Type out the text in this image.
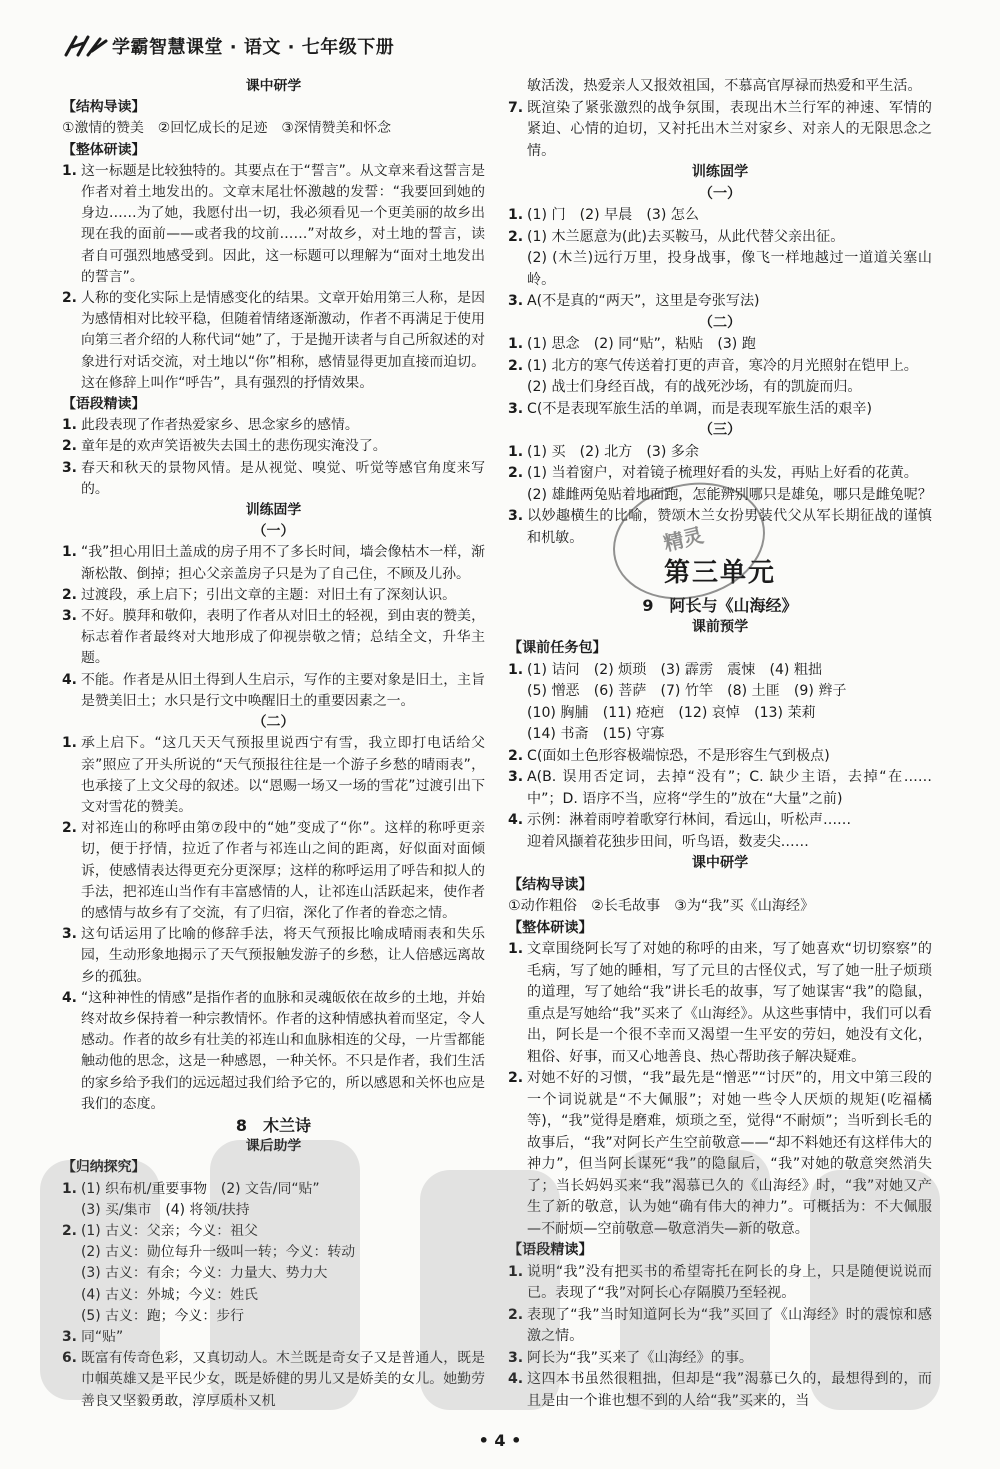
学霸智慧课堂 · 语文 · 七年级下册
课中研学
【结构导读】
①激情的赞美　②回忆成长的足迹　③深情赞美和怀念
【整体研读】
1. 这一标题是比较独特的。其要点在于“誓言”。从文章来看这誓言是作者对着土地发出的。文章末尾壮怀激越的发誓：“我要回到她的身边……为了她，我愿付出一切，我必须看见一个更美丽的故乡出现在我的面前——或者我的坟前……”对故乡，对土地的誓言，读者自可强烈地感受到。因此，这一标题可以理解为“面对土地发出的誓言”。
2. 人称的变化实际上是情感变化的结果。文章开始用第三人称，是因为感情相对比较平稳，但随着情绪逐渐激动，作者不再满足于使用向第三者介绍的人称代词“她”了，于是抛开读者与自己所叙述的对象进行对话交流，对土地以“你”相称，感情显得更加直接而迫切。这在修辞上叫作“呼告”，具有强烈的抒情效果。
【语段精读】
1. 此段表现了作者热爱家乡、思念家乡的感情。
2. 童年是的欢声笑语被失去国土的悲伤现实淹没了。
3. 春天和秋天的景物风情。是从视觉、嗅觉、听觉等感官角度来写的。
训练固学
（一）
1. “我”担心用旧土盖成的房子用不了多长时间，墙会像枯木一样，渐渐松散、倒掉；担心父亲盖房子只是为了自己住，不顾及儿孙。
2. 过渡段，承上启下；引出文章的主题：对旧土有了深刻认识。
3. 不好。膜拜和敬仰，表明了作者从对旧土的轻视，到由衷的赞美，标志着作者最终对大地形成了仰视崇敬之情；总结全文，升华主题。
4. 不能。作者是从旧土得到人生启示，写作的主要对象是旧土，主旨是赞美旧土；水只是行文中唤醒旧土的重要因素之一。
（二）
1. 承上启下。“这几天天气预报里说西宁有雪，我立即打电话给父亲”照应了开头所说的“天气预报往往是一个游子乡愁的晴雨表”，也承接了上文父母的叙述。以“恩赐一场又一场的雪花”过渡引出下文对雪花的赞美。
2. 对祁连山的称呼由第⑦段中的“她”变成了“你”。这样的称呼更亲切，便于抒情，拉近了作者与祁连山之间的距离，好似面对面倾诉，使感情表达得更充分更深厚；这样的称呼运用了呼告和拟人的手法，把祁连山当作有丰富感情的人，让祁连山活跃起来，使作者的感情与故乡有了交流，有了归宿，深化了作者的眷恋之情。
3. 这句话运用了比喻的修辞手法，将天气预报比喻成晴雨表和失乐园，生动形象地揭示了天气预报触发游子的乡愁，让人倍感远离故乡的孤独。
4. “这种神性的情感”是指作者的血脉和灵魂皈依在故乡的土地，并始终对故乡保持着一种宗教情怀。作者的这种情感执着而坚定，令人感动。作者的故乡有壮美的祁连山和血脉相连的父母，一片雪都能触动他的思念，这是一种感恩，一种关怀。不只是作者，我们生活的家乡给予我们的远远超过我们给予它的，所以感恩和关怀也应是我们的态度。
8　木兰诗
课后助学
【归纳探究】
1. (1) 织布机/重要事物　(2) 文告/同“贴”
(3) 买/集市　(4) 将领/扶持
2. (1) 古义：父亲；今义：祖父
(2) 古义：勋位每升一级叫一转；今义：转动
(3) 古义：有余；今义：力量大、势力大
(4) 古义：外城；今义：姓氏
(5) 古义：跑；今义：步行
3. 同“贴”
6. 既富有传奇色彩，又真切动人。木兰既是奇女子又是普通人，既是巾帼英雄又是平民少女，既是娇健的男儿又是娇美的女儿。她勤劳善良又坚毅勇敢，淳厚质朴又机
敏活泼，热爱亲人又报效祖国，不慕高官厚禄而热爱和平生活。
7. 既渲染了紧张激烈的战争氛围，表现出木兰行军的神速、军情的紧迫、心情的迫切，又衬托出木兰对家乡、对亲人的无限思念之情。
训练固学
（一）
1. (1) 门　(2) 早晨　(3) 怎么
2. (1) 木兰愿意为(此)去买鞍马，从此代替父亲出征。
(2) (木兰)远行万里，投身战事，像飞一样地越过一道道关塞山岭。
3. A(不是真的“两天”，这里是夸张写法)
（二）
1. (1) 思念　(2) 同“贴”，粘贴　(3) 跑
2. (1) 北方的寒气传送着打更的声音，寒冷的月光照射在铠甲上。
(2) 战士们身经百战，有的战死沙场，有的凯旋而归。
3. C(不是表现军旅生活的单调，而是表现军旅生活的艰辛)
（三）
1. (1) 买　(2) 北方　(3) 多余
2. (1) 当着窗户，对着镜子梳理好看的头发，再贴上好看的花黄。
(2) 雄雌两兔贴着地面跑，怎能辨别哪只是雄兔，哪只是雌兔呢？
3. 以妙趣横生的比喻，赞颂木兰女扮男装代父从军长期征战的谨慎和机敏。
第三单元
9　阿长与《山海经》
课前预学
【课前任务包】
1. (1) 诘问　(2) 烦琐　(3) 霹雳　震悚　(4) 粗拙
(5) 憎恶　(6) 菩萨　(7) 竹竿　(8) 土匪　(9) 辫子
(10) 胸脯　(11) 疮疤　(12) 哀悼　(13) 茉莉
(14) 书斋　(15) 守寡
2. C(面如土色形容极端惊恐，不是形容生气到极点)
3. A(B. 误用否定词，去掉“没有”；C. 缺少主语，去掉“在……中”；D. 语序不当，应将“学生的”放在“大量”之前)
4. 示例：淋着雨哼着歌穿行林间，看远山，听松声……
迎着风撷着花独步田间，听鸟语，数麦尖……
课中研学
【结构导读】
①动作粗俗　②长毛故事　③为“我”买《山海经》
【整体研读】
1. 文章围绕阿长写了对她的称呼的由来，写了她喜欢“切切察察”的毛病，写了她的睡相，写了元旦的古怪仪式，写了她一肚子烦琐的道理，写了她给“我”讲长毛的故事，写了她谋害“我”的隐鼠，重点是写她给“我”买来了《山海经》。从这些事情中，我们可以看出，阿长是一个很不幸而又渴望一生平安的劳妇，她没有文化，粗俗、好事，而又心地善良、热心帮助孩子解决疑难。
2. 对她不好的习惯，“我”最先是“憎恶”“讨厌”的，用文中第三段的一个词说就是“不大佩服”；对她一些令人厌烦的规矩(吃福橘等)，“我”觉得是磨难，烦琐之至，觉得“不耐烦”；当听到长毛的故事后，“我”对阿长产生空前敬意——“却不料她还有这样伟大的神力”，但当阿长谋死“我”的隐鼠后，“我”对她的敬意突然消失了；当长妈妈买来“我”渴慕已久的《山海经》时，“我”对她又产生了新的敬意，认为她“确有伟大的神力”。可概括为：不大佩服—不耐烦—空前敬意—敬意消失—新的敬意。
【语段精读】
1. 说明“我”没有把买书的希望寄托在阿长的身上，只是随便说说而已。表现了“我”对阿长心存隔膜乃至轻视。
2. 表现了“我”当时知道阿长为“我”买回了《山海经》时的震惊和感激之情。
3. 阿长为“我”买来了《山海经》的事。
4. 这四本书虽然很粗拙，但却是“我”渴慕已久的，最想得到的，而且是由一个谁也想不到的人给“我”买来的，当
精灵
• 4 •
